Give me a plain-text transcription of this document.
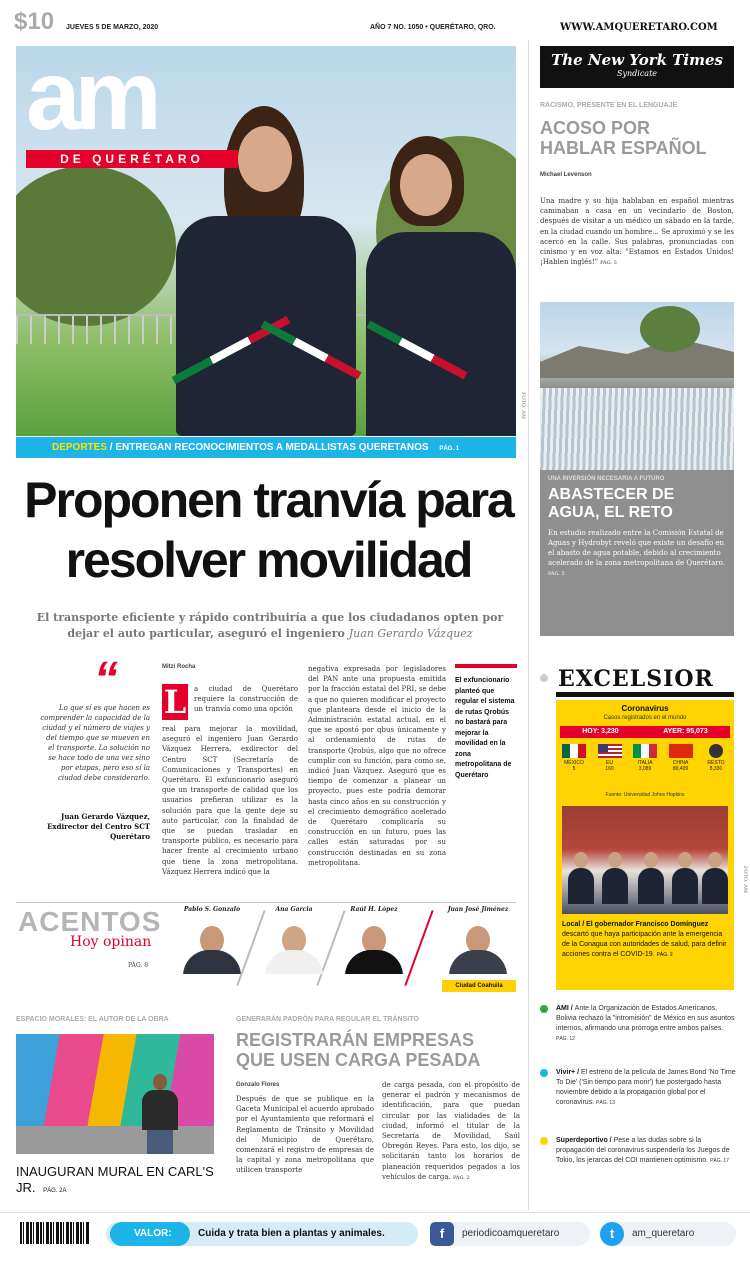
$10 JUEVES 5 DE MARZO, 2020	AÑO 7 NO. 1050 • QUERÉTARO, QRO.	WWW.AMQUERETARO.COM
am
DE QUERÉTARO
FOTO: AM
DEPORTES / ENTREGAN RECONOCIMIENTOS A MEDALLISTAS QUERETANOS PÁG. 1
Proponen tranvía para
resolver movilidad
El transporte eficiente y rápido contribuiría a que los ciudadanos opten por dejar el auto particular, aseguró el ingeniero Juan Gerardo Vázquez
“
Lo que sí es que hacen es comprender la capacidad de la ciudad y el número de viajes y del tiempo que se mueven en el transporte. La solución no se hace todo de una vez sino por etapas, pero eso sí la ciudad debe considerarlo.
Juan Gerardo Vázquez, Exdirector del Centro SCT Querétaro
Mitzi Rocha
L a ciudad de Querétaro requiere la construcción de un tranvía como una opción
real para mejorar la movilidad, aseguró el ingeniero Juan Gerardo Vázquez Herrera, exdirector del Centro SCT (Secretaría de Comunicaciones y Transportes) en Querétaro. El exfuncionario aseguró que un transporte de calidad que los usuarios prefieran utilizar es la solución para que la gente deje su auto particular, con la finalidad de que se puedan trasladar en transporte público, es necesario para hacer frente al crecimiento urbano que tiene la zona metropolitana. Vázquez Herrera indicó que la
negativa expresada por legisladores del PAN ante una propuesta emitida por la fracción estatal del PRI, se debe a que no quieren modificar el proyecto que planteara desde el inicio de la Administración estatal actual, en el que se apostó por qbus únicamente y al ordenamiento de rutas de transporte Qrobús, algo que no ofrece cumplir con su función, para como se, indicó Juan Vázquez. Aseguró que es tiempo de comenzar a planear un proyecto, pues este podría demorar hasta cinco años en su construcción y el crecimiento demográfico acelerado de Querétaro complicaría su construcción en un futuro, pues las calles están saturadas por su construcción destinadas en su zona metropolitana.
El exfuncionario planteó que regular el sistema de rutas Qrobús no bastará para mejorar la movilidad en la zona metropolitana de Querétaro
ACENTOS
Hoy opinan
PÁG. 8
Pablo S. Gonzalo	Ana Garcia	Raúl H. López	Juan José Jiménez
Ciudad Coahuila
ESPACIO MORALES: EL AUTOR DE LA OBRA
INAUGURAN MURAL EN CARL'S JR. PÁG. 2A
GENERARÁN PADRÓN PARA REGULAR EL TRÁNSITO
REGISTRARÁN EMPRESAS
QUE USEN CARGA PESADA
Gonzalo Flores
Después de que se publique en la Gaceta Municipal el acuerdo aprobado por el Ayuntamiento que reformará el Reglamento de Tránsito y Movilidad del Municipio de Querétaro, comenzará el registro de empresas de la capital y zona metropolitana que utilicen transporte
de carga pesada, con el propósito de generar el padrón y mecanismos de identificación, para que puedan circular por las vialidades de la ciudad, informó el titular de la Secretaría de Movilidad, Saúl Obregón Reyes. Para esto, los dijo, se solicitarán tanto los horarios de planeación requeridos pegados a los vehículos de carga. PÁG. 2
The New York Times
Syndicate
RACISMO, PRESENTE EN EL LENGUAJE
ACOSO POR
HABLAR ESPAÑOL
Michael Levenson
Una madre y su hija hablaban en español mientras caminaban a casa en un vecindario de Boston, después de visitar a un médico un sábado en la tarde, en la ciudad cuando un hombre... Se aproximó y se les acercó en la calle. Sus palabras, pronunciadas con cinismo y en voz alta: "Estamos en Estados Unidos! ¡Hablen inglés!" PÁG. 3
UNA INVERSIÓN NECESARIA A FUTURO
ABASTECER DE
AGUA, EL RETO
En estudio realizado entre la Comisión Estatal de Aguas y Hydrobyt reveló que existe un desafío en el abasto de agua potable, debido al crecimiento acelerado de la zona metropolitana de Querétaro. PÁG. 5
EXCELSIOR
Coronavirus
Casos registrados en el mundo
HOY: 3,230	AYER: 95,073
MÉXICO
5
EU
160
ITALIA
3,089
CHINA
80,409
RESTO
8,330
Fuente: Universidad Johns Hopkins
Local / El gobernador Francisco Domínguez descartó que haya participación ante la emergencia de la Conagua con autoridades de salud, para definir acciones contra el COVID-19. PÁG. 2
FOTO: AM
AMI / Ante la Organización de Estados Americanos, Bolivia rechazó la "intromisión" de México en sus asuntos internos, afirmando una prórroga entre ambos países. PÁG. 12
Vivir+ / El estreno de la película de James Bond 'No Time To Die' ('Sin tiempo para morir') fue postergado hasta noviembre debido a la propagación global por el coronavirus. PÁG. 13
Superdeportivo / Pese a las dudas sobre si la propagación del coronavirus suspendería los Juegos de Tokio, los jerarcas del COI mantienen optimismo. PÁG. 17
VALOR:	Cuida y trata bien a plantas y animales.	f	periodicoamqueretaro	t	am_queretaro
